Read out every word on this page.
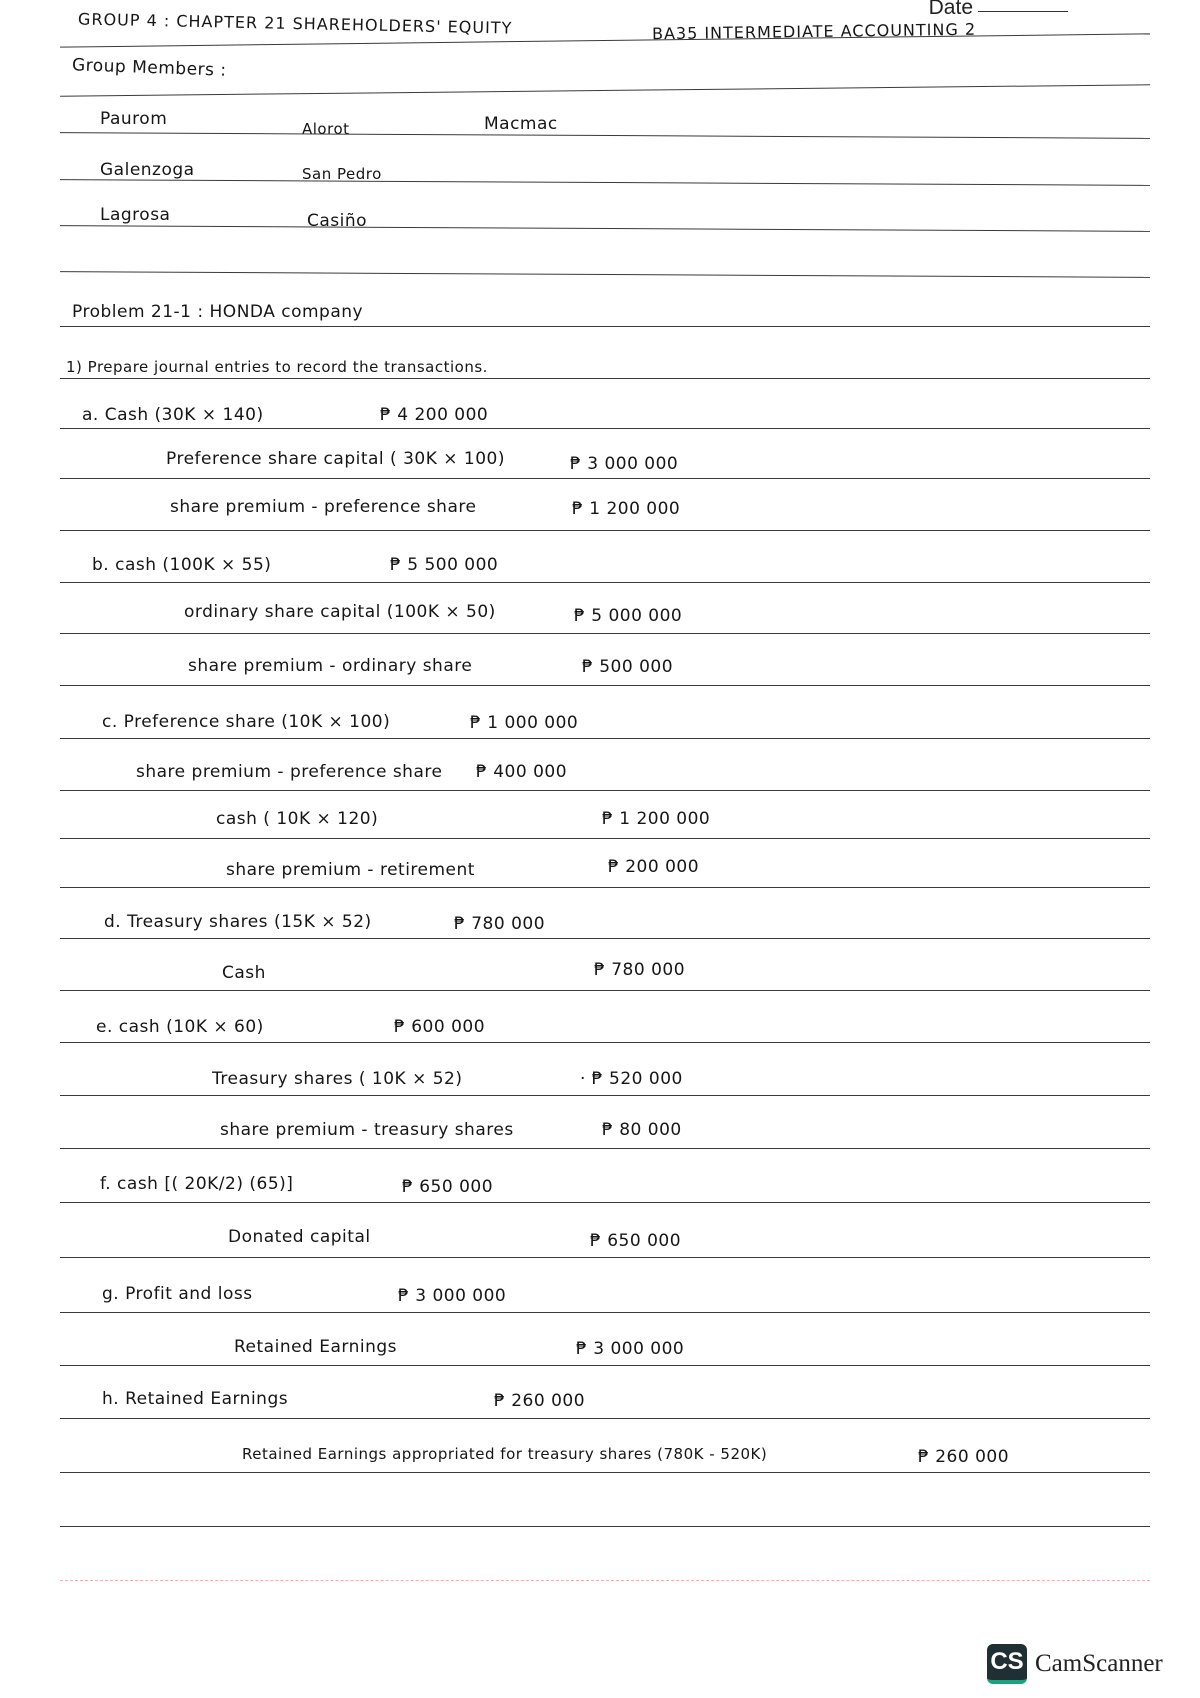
Date
GROUP 4 : CHAPTER 21 SHAREHOLDERS' EQUITY	BA35 INTERMEDIATE ACCOUNTING 2
Group Members :
Paurom	Alorot	Macmac
Galenzoga	San Pedro
Lagrosa	Casiño
Problem 21-1 : HONDA company
1) Prepare journal entries to record the transactions.
a. Cash (30K × 140)	₱ 4 200 000
Preference share capital ( 30K × 100)	₱ 3 000 000
share premium - preference share	₱ 1 200 000
b. cash (100K × 55)	₱ 5 500 000
ordinary share capital (100K × 50)	₱ 5 000 000
share premium - ordinary share	₱ 500 000
c. Preference share (10K × 100)	₱ 1 000 000
share premium - preference share ₱ 400 000
cash ( 10K × 120)	₱ 1 200 000
share premium - retirement	₱ 200 000
d. Treasury shares (15K × 52)	₱ 780 000
Cash	₱ 780 000
e. cash (10K × 60)	₱ 600 000
Treasury shares ( 10K × 52)	· ₱ 520 000
share premium - treasury shares	₱ 80 000
f. cash [( 20K/2) (65)]	₱ 650 000
Donated capital	₱ 650 000
g. Profit and loss	₱ 3 000 000
Retained Earnings	₱ 3 000 000
h. Retained Earnings	₱ 260 000
Retained Earnings appropriated for treasury shares (780K - 520K)	₱ 260 000
CS CamScanner
